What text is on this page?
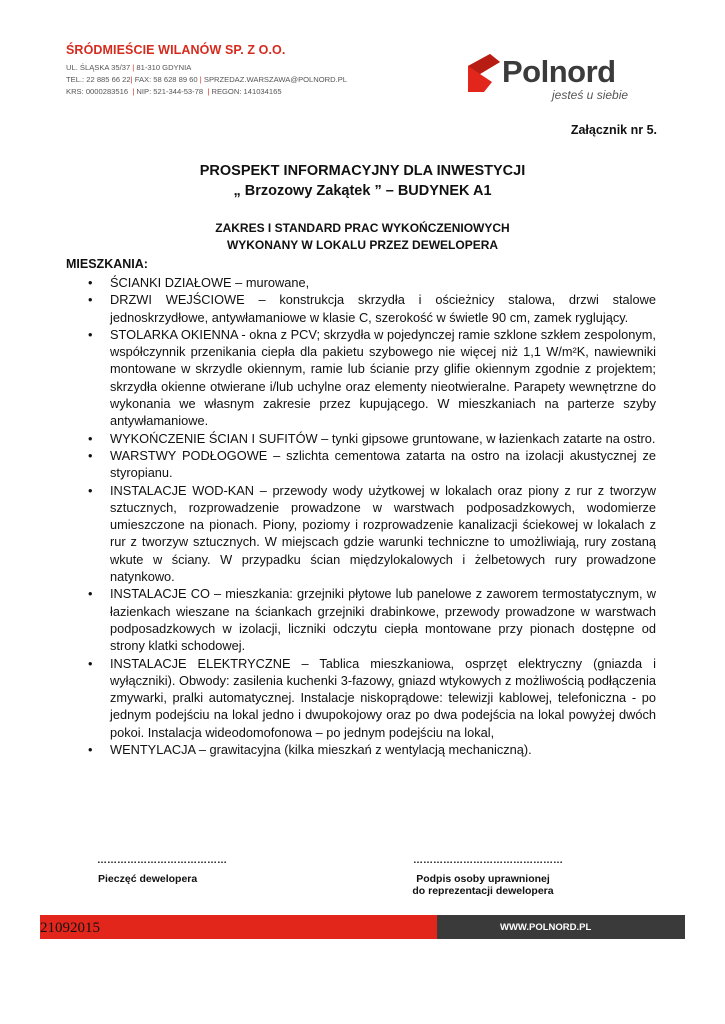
ŚRÓDMIEŚCIE WILANÓW SP. Z O.O.
UL. ŚLĄSKA 35/37 | 81-310 GDYNIA
TEL.: 22 885 66 22| FAX: 58 628 89 60 | SPRZEDAZ.WARSZAWA@POLNORD.PL
KRS: 0000283516  | NIP: 521-344-53-78  | REGON: 141034165
Polnord
jesteś u siebie
Załącznik nr 5.
PROSPEKT INFORMACYJNY DLA INWESTYCJI
„ Brzozowy Zakątek ” – BUDYNEK A1
ZAKRES I STANDARD PRAC WYKOŃCZENIOWYCH
WYKONANY W LOKALU PRZEZ DEWELOPERA
MIESZKANIA:
• ŚCIANKI DZIAŁOWE – murowane,
• DRZWI WEJŚCIOWE – konstrukcja skrzydła i ościeżnicy stalowa, drzwi stalowe jednoskrzydłowe, antywłamaniowe w klasie C, szerokość w świetle 90 cm, zamek ryglujący.
• STOLARKA OKIENNA - okna z PCV; skrzydła w pojedynczej ramie szklone szkłem zespolonym, współczynnik przenikania ciepła dla pakietu szybowego nie więcej niż 1,1 W/m²K, nawiewniki montowane w skrzydle okiennym, ramie lub ścianie przy glifie okiennym zgodnie z projektem; skrzydła okienne otwierane i/lub uchylne oraz elementy nieotwieralne. Parapety wewnętrzne do wykonania we własnym zakresie przez kupującego. W mieszkaniach na parterze szyby antywłamaniowe.
• WYKOŃCZENIE ŚCIAN I SUFITÓW – tynki gipsowe gruntowane, w łazienkach zatarte na ostro.
• WARSTWY PODŁOGOWE – szlichta cementowa zatarta na ostro na izolacji akustycznej ze styropianu.
• INSTALACJE WOD-KAN – przewody wody użytkowej w lokalach oraz piony z rur z tworzyw sztucznych, rozprowadzenie prowadzone w warstwach podposadzkowych, wodomierze umieszczone na pionach. Piony, poziomy i rozprowadzenie kanalizacji ściekowej w lokalach z rur z tworzyw sztucznych. W miejscach gdzie warunki techniczne to umożliwiają, rury zostaną wkute w ściany. W przypadku ścian międzylokalowych i żelbetowych rury prowadzone natynkowo.
• INSTALACJE CO – mieszkania: grzejniki płytowe lub panelowe z zaworem termostatycznym, w łazienkach wieszane na ściankach grzejniki drabinkowe, przewody prowadzone w warstwach podposadzkowych w izolacji, liczniki odczytu ciepła montowane przy pionach dostępne od strony klatki schodowej.
• INSTALACJE ELEKTRYCZNE – Tablica mieszkaniowa, osprzęt elektryczny (gniazda i wyłączniki). Obwody: zasilenia kuchenki 3-fazowy, gniazd wtykowych z możliwością podłączenia zmywarki, pralki automatycznej. Instalacje niskoprądowe: telewizji kablowej, telefoniczna - po jednym podejściu na lokal jedno i dwupokojowy oraz po dwa podejścia na lokal powyżej dwóch pokoi. Instalacja wideodomofonowa – po jednym podejściu na lokal,
• WENTYLACJA – grawitacyjna (kilka mieszkań z wentylacją mechaniczną).
…………………………………	………………………………………
Pieczęć dewelopera	Podpis osoby uprawnionej
do reprezentacji dewelopera
21092015	WWW.POLNORD.PL
